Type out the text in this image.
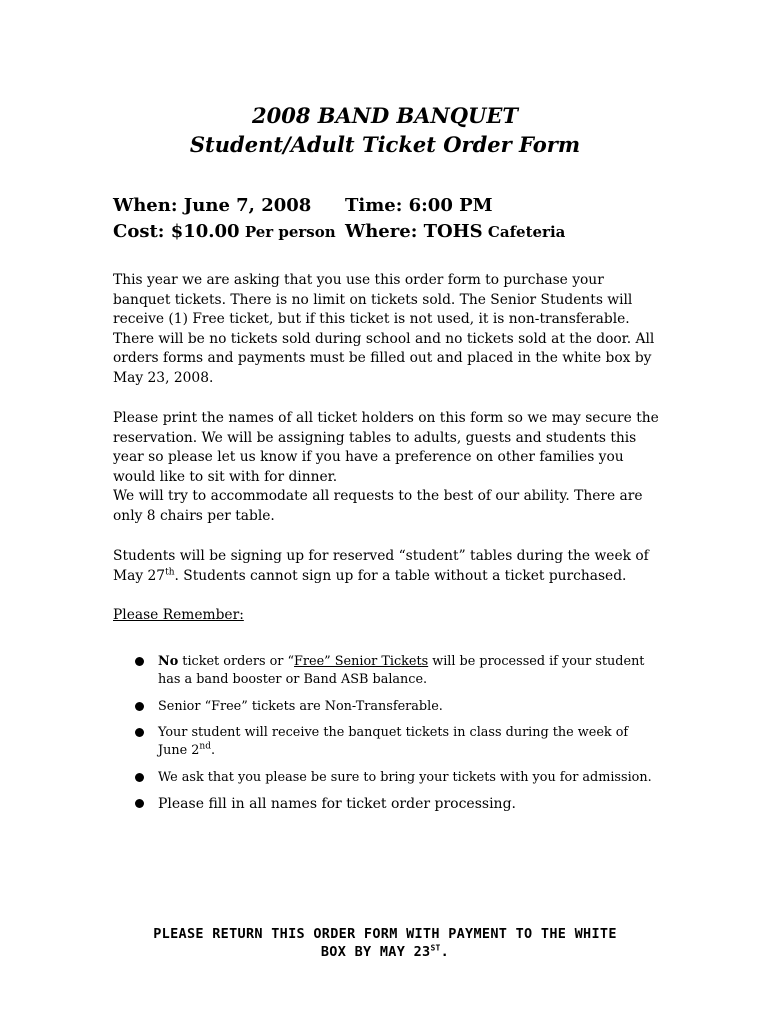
2008 BAND BANQUET
Student/Adult Ticket Order Form
When: June 7, 2008	Time: 6:00 PM
Cost: $10.00 Per person Where: TOHS Cafeteria

This year we are asking that you use this order form to purchase your banquet tickets. There is no limit on tickets sold. The Senior Students will receive (1) Free ticket, but if this ticket is not used, it is non-transferable. There will be no tickets sold during school and no tickets sold at the door. All orders forms and payments must be filled out and placed in the white box by May 23, 2008.

Please print the names of all ticket holders on this form so we may secure the reservation. We will be assigning tables to adults, guests and students this year so please let us know if you have a preference on other families you would like to sit with for dinner.
We will try to accommodate all requests to the best of our ability. There are only 8 chairs per table.

Students will be signing up for reserved “student” tables during the week of May 27th. Students cannot sign up for a table without a ticket purchased.

Please Remember:

No ticket orders or “Free” Senior Tickets will be processed if your student has a band booster or Band ASB balance.
Senior “Free” tickets are Non-Transferable.
Your student will receive the banquet tickets in class during the week of June 2nd.
We ask that you please be sure to bring your tickets with you for admission.
Please fill in all names for ticket order processing.
PLEASE RETURN THIS ORDER FORM WITH PAYMENT TO THE WHITE
BOX BY MAY 23ST.
